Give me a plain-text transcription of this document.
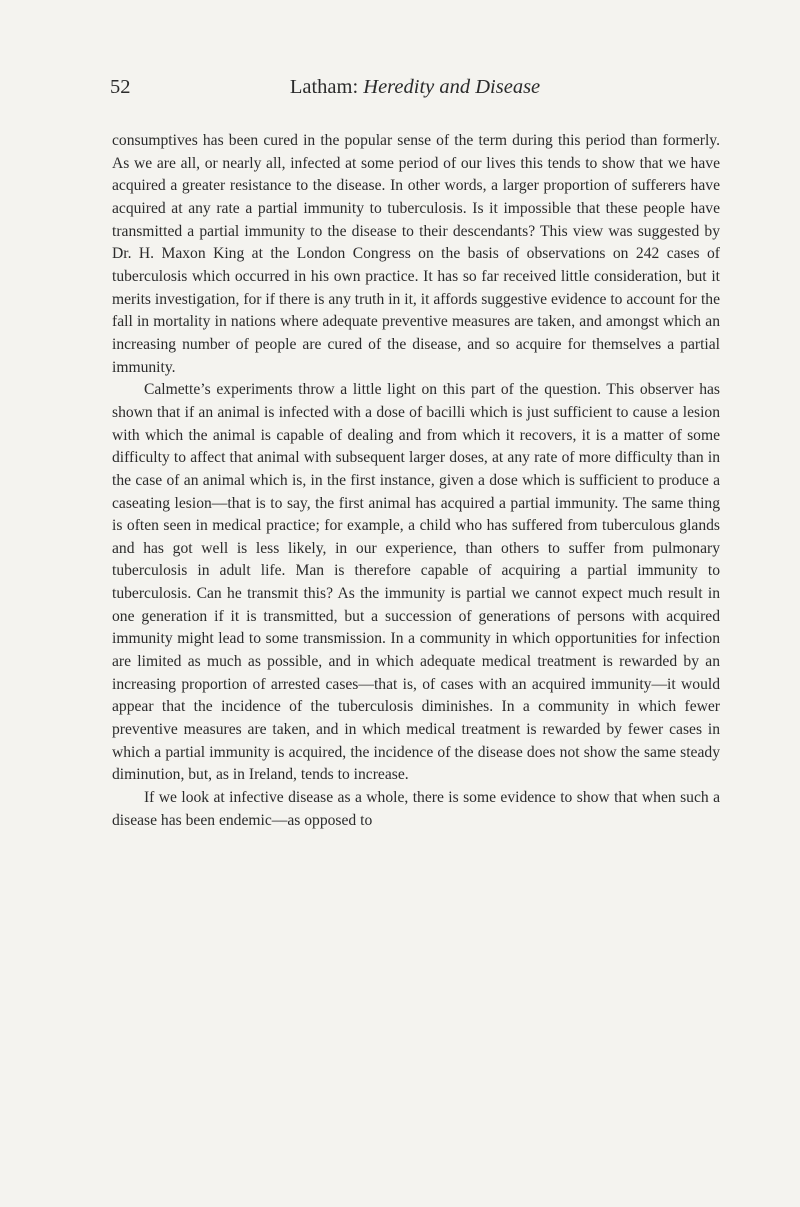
52	Latham: Heredity and Disease

consumptives has been cured in the popular sense of the term during this period than formerly. As we are all, or nearly all, infected at some period of our lives this tends to show that we have acquired a greater resistance to the disease. In other words, a larger proportion of sufferers have acquired at any rate a partial immunity to tuberculosis. Is it impossible that these people have transmitted a partial immunity to the disease to their descendants? This view was suggested by Dr. H. Maxon King at the London Congress on the basis of observations on 242 cases of tuberculosis which occurred in his own practice. It has so far received little consideration, but it merits investigation, for if there is any truth in it, it affords suggestive evidence to account for the fall in mortality in nations where adequate preventive measures are taken, and amongst which an increasing number of people are cured of the disease, and so acquire for themselves a partial immunity.

Calmette’s experiments throw a little light on this part of the question. This observer has shown that if an animal is infected with a dose of bacilli which is just sufficient to cause a lesion with which the animal is capable of dealing and from which it recovers, it is a matter of some difficulty to affect that animal with subsequent larger doses, at any rate of more difficulty than in the case of an animal which is, in the first instance, given a dose which is sufficient to produce a caseating lesion—that is to say, the first animal has acquired a partial immunity. The same thing is often seen in medical practice; for example, a child who has suffered from tuberculous glands and has got well is less likely, in our experience, than others to suffer from pulmonary tuberculosis in adult life. Man is therefore capable of acquiring a partial immunity to tuberculosis. Can he transmit this? As the immunity is partial we cannot expect much result in one generation if it is transmitted, but a succession of generations of persons with acquired immunity might lead to some transmission. In a community in which opportunities for infection are limited as much as possible, and in which adequate medical treatment is rewarded by an increasing proportion of arrested cases—that is, of cases with an acquired immunity—it would appear that the incidence of the tuberculosis diminishes. In a community in which fewer preventive measures are taken, and in which medical treatment is rewarded by fewer cases in which a partial immunity is acquired, the incidence of the disease does not show the same steady diminution, but, as in Ireland, tends to increase.

If we look at infective disease as a whole, there is some evidence to show that when such a disease has been endemic—as opposed to
